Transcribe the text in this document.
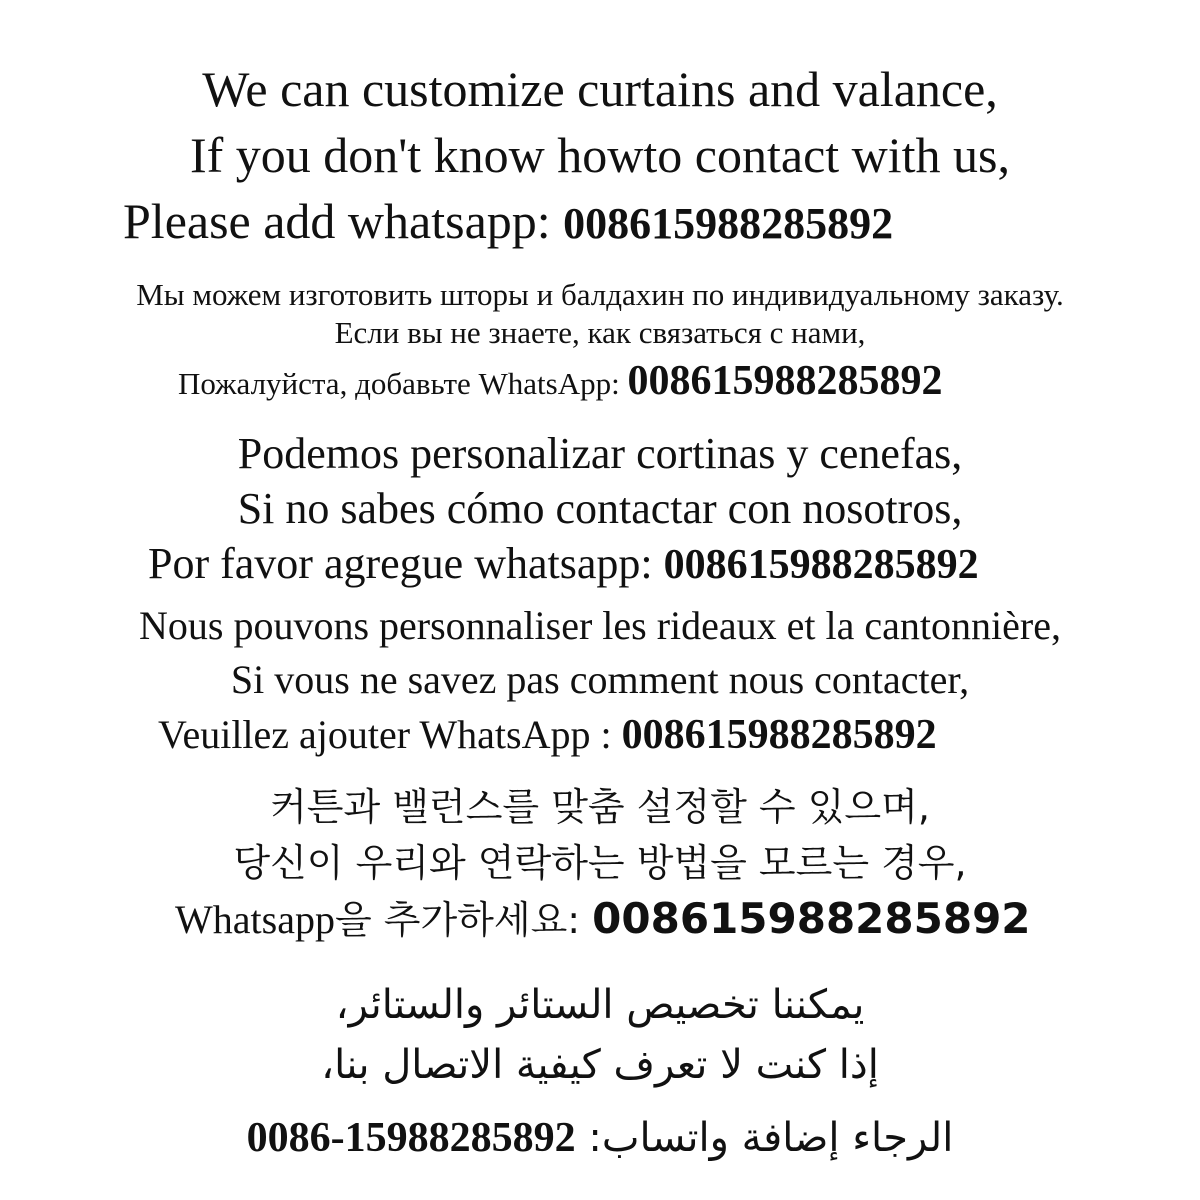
We can customize curtains and valance,
If you don't know howto contact with us,
Please add whatsapp: 008615988285892
Мы можем изготовить шторы и балдахин по индивидуальному заказу.
Если вы не знаете, как связаться с нами,
Пожалуйста, добавьте WhatsApp: 008615988285892
Podemos personalizar cortinas y cenefas,
Si no sabes cómo contactar con nosotros,
Por favor agregue whatsapp: 008615988285892
Nous pouvons personnaliser les rideaux et la cantonnière,
Si vous ne savez pas comment nous contacter,
Veuillez ajouter WhatsApp : 008615988285892
커튼과 밸런스를 맞춤 설정할 수 있으며,
당신이 우리와 연락하는 방법을 모르는 경우,
Whatsapp을 추가하세요: 008615988285892
يمكننا تخصيص الستائر والستائر،
إذا كنت لا تعرف كيفية الاتصال بنا،
الرجاء إضافة واتساب: 0086-15988285892
